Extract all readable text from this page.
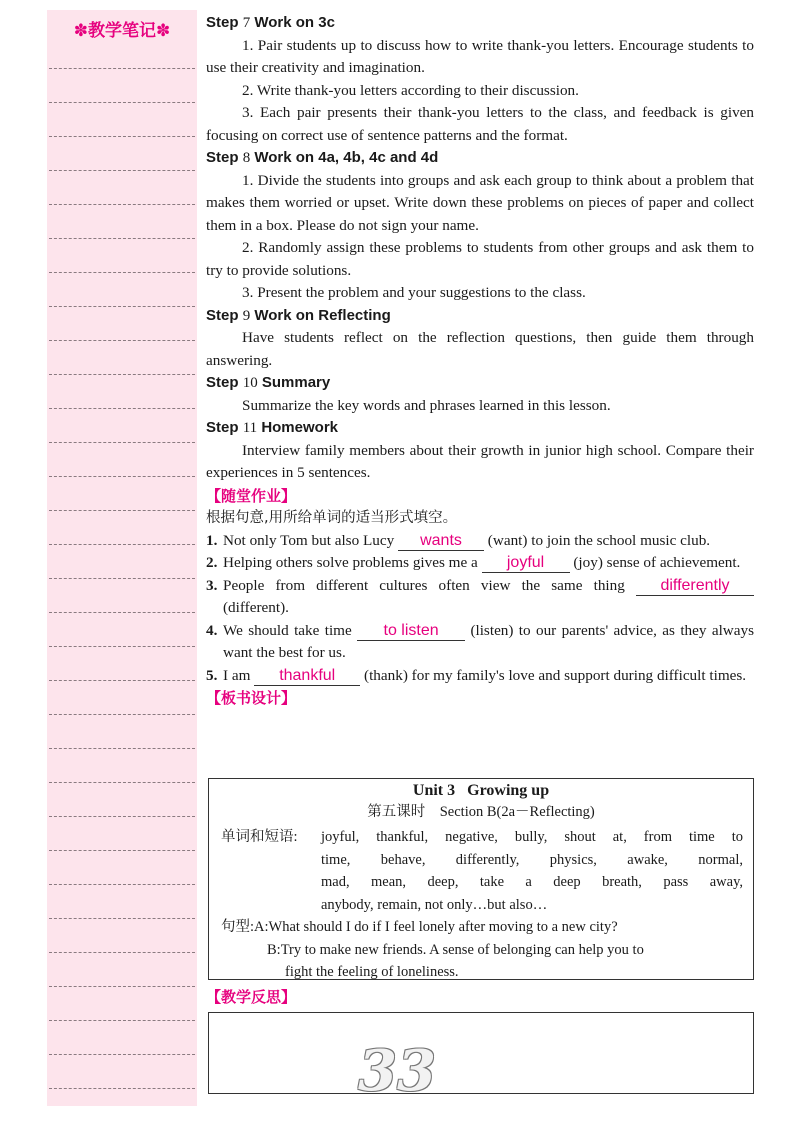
✽教学笔记✽	Step 7 Work on 3c

1. Pair students up to discuss how to write thank-you letters. Encourage students to use their creativity and imagination.

2. Write thank-you letters according to their discussion.

3. Each pair presents their thank-you letters to the class, and feedback is given focusing on correct use of sentence patterns and the format.

Step 8 Work on 4a, 4b, 4c and 4d

1. Divide the students into groups and ask each group to think about a problem that makes them worried or upset. Write down these problems on pieces of paper and collect them in a box. Please do not sign your name.

2. Randomly assign these problems to students from other groups and ask them to try to provide solutions.

3. Present the problem and your suggestions to the class.

Step 9 Work on Reflecting

Have students reflect on the reflection questions, then guide them through answering.

Step 10 Summary

Summarize the key words and phrases learned in this lesson.

Step 11 Homework

Interview family members about their growth in junior high school. Compare their experiences in 5 sentences.

【随堂作业】

根据句意,用所给单词的适当形式填空。

1. Not only Tom but also Lucy wants (want) to join the school music club.

2. Helping others solve problems gives me a joyful (joy) sense of achievement.

3. People from different cultures often view the same thing differently (different).

4. We should take time to listen (listen) to our parents' advice, as they always want the best for us.

5. I am thankful (thank) for my family's love and support during difficult times.

【板书设计】

Unit 3 Growing up
第五课时　Section B(2a－Reflecting)
单词和短语: joyful, thankful, negative, bully, shout at, from time to
time, behave, differently, physics, awake, normal,
mad, mean, deep, take a deep breath, pass away,
anybody, remain, not only…but also…
句型:A:What should I do if I feel lonely after moving to a new city?
B:Try to make new friends. A sense of belonging can help you to
fight the feeling of loneliness.
【教学反思】
33
